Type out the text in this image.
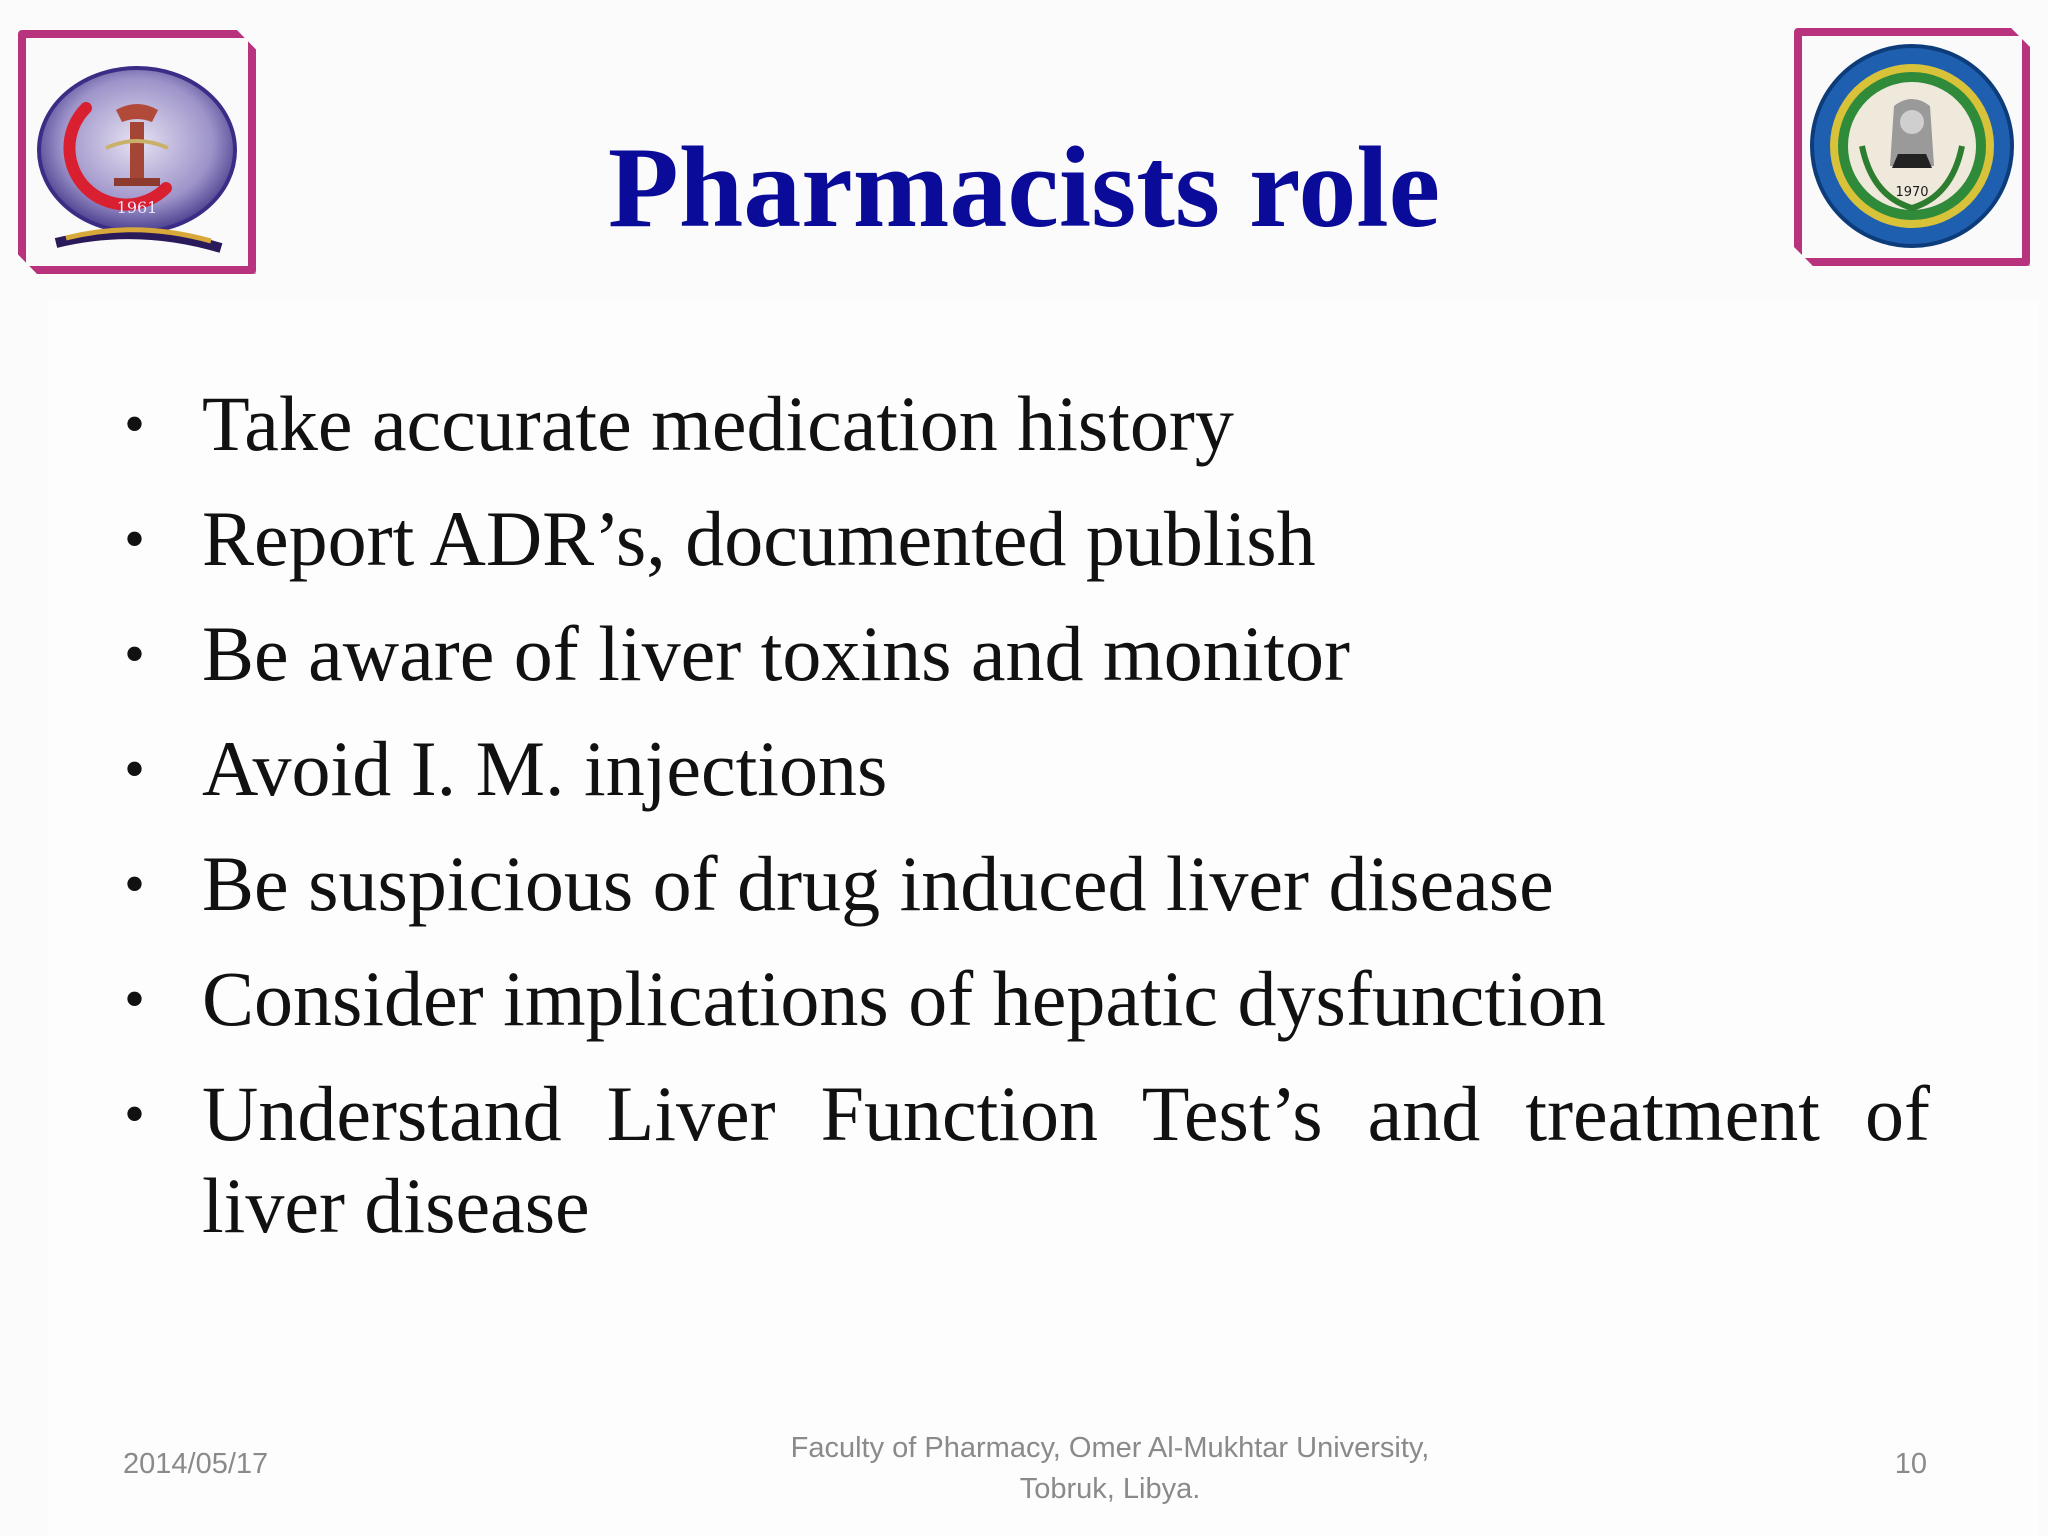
1961
1970
Pharmacists role
• Take accurate medication history
• Report ADR’s, documented publish
• Be aware of liver toxins and monitor
• Avoid I. M. injections
• Be suspicious of drug induced liver disease
• Consider implications of hepatic dysfunction
• Understand Liver Function Test’s and treatment of liver disease
2014/05/17	Faculty of Pharmacy, Omer Al-Mukhtar University,
Tobruk, Libya.
10
